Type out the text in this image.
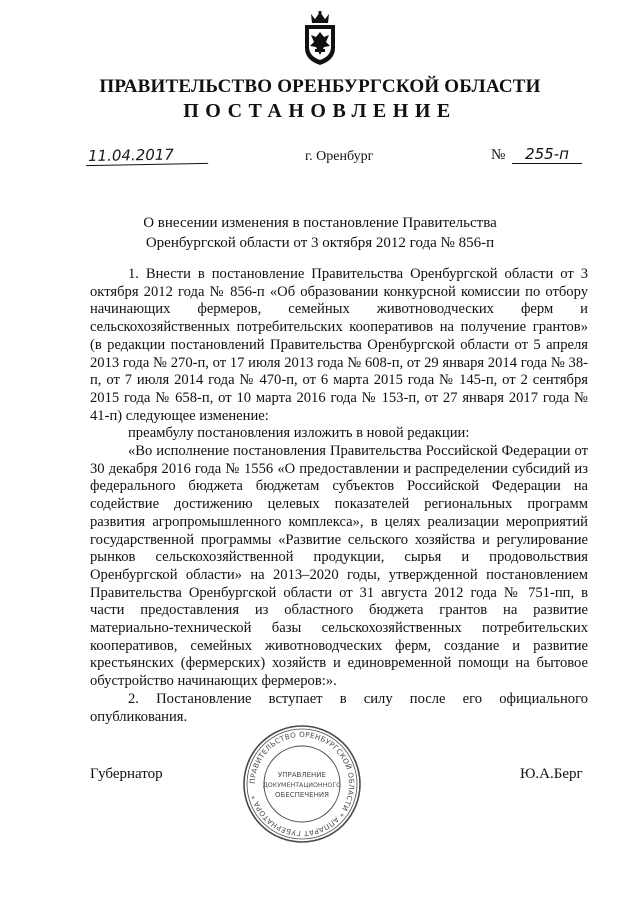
ПРАВИТЕЛЬСТВО ОРЕНБУРГСКОЙ ОБЛАСТИ
ПОСТАНОВЛЕНИЕ
11.04.2017	г. Оренбург	№	255-п
О внесении изменения в постановление Правительства
Оренбургской области от 3 октября 2012 года № 856-п

1. Внести в постановление Правительства Оренбургской области от 3 октября 2012 года № 856-п «Об образовании конкурсной комиссии по отбору начинающих фермеров, семейных животноводческих ферм и сельскохозяйственных потребительских кооперативов на получение грантов» (в редакции постановлений Правительства Оренбургской области от 5 апреля 2013 года № 270-п, от 17 июля 2013 года № 608-п, от 29 января 2014 года № 38-п, от 7 июля 2014 года № 470-п, от 6 марта 2015 года № 145-п, от 2 сентября 2015 года № 658-п, от 10 марта 2016 года № 153-п, от 27 января 2017 года № 41-п) следующее изменение:

преамбулу постановления изложить в новой редакции:

«Во исполнение постановления Правительства Российской Федерации от 30 декабря 2016 года № 1556 «О предоставлении и распределении субсидий из федерального бюджета бюджетам субъектов Российской Федерации на содействие достижению целевых показателей региональных программ развития агропромышленного комплекса», в целях реализации мероприятий государственной программы «Развитие сельского хозяйства и регулирование рынков сельскохозяйственной продукции, сырья и продовольствия Оренбургской области» на 2013–2020 годы, утвержденной постановлением Правительства Оренбургской области от 31 августа 2012 года № 751-пп, в части предоставления из областного бюджета грантов на развитие материально-технической базы сельскохозяйственных потребительских кооперативов, семейных животноводческих ферм, создание и развитие крестьянских (фермерских) хозяйств и единовременной помощи на бытовое обустройство начинающих фермеров:».

2. Постановление вступает в силу после его официального опубликования.

Губернатор	Ю.А.Берг
ПРАВИТЕЛЬСТВО ОРЕНБУРГСКОЙ ОБЛАСТИ * АППАРАТ ГУБЕРНАТОРА *
УПРАВЛЕНИЕ
ДОКУМЕНТАЦИОННОГО
ОБЕСПЕЧЕНИЯ
